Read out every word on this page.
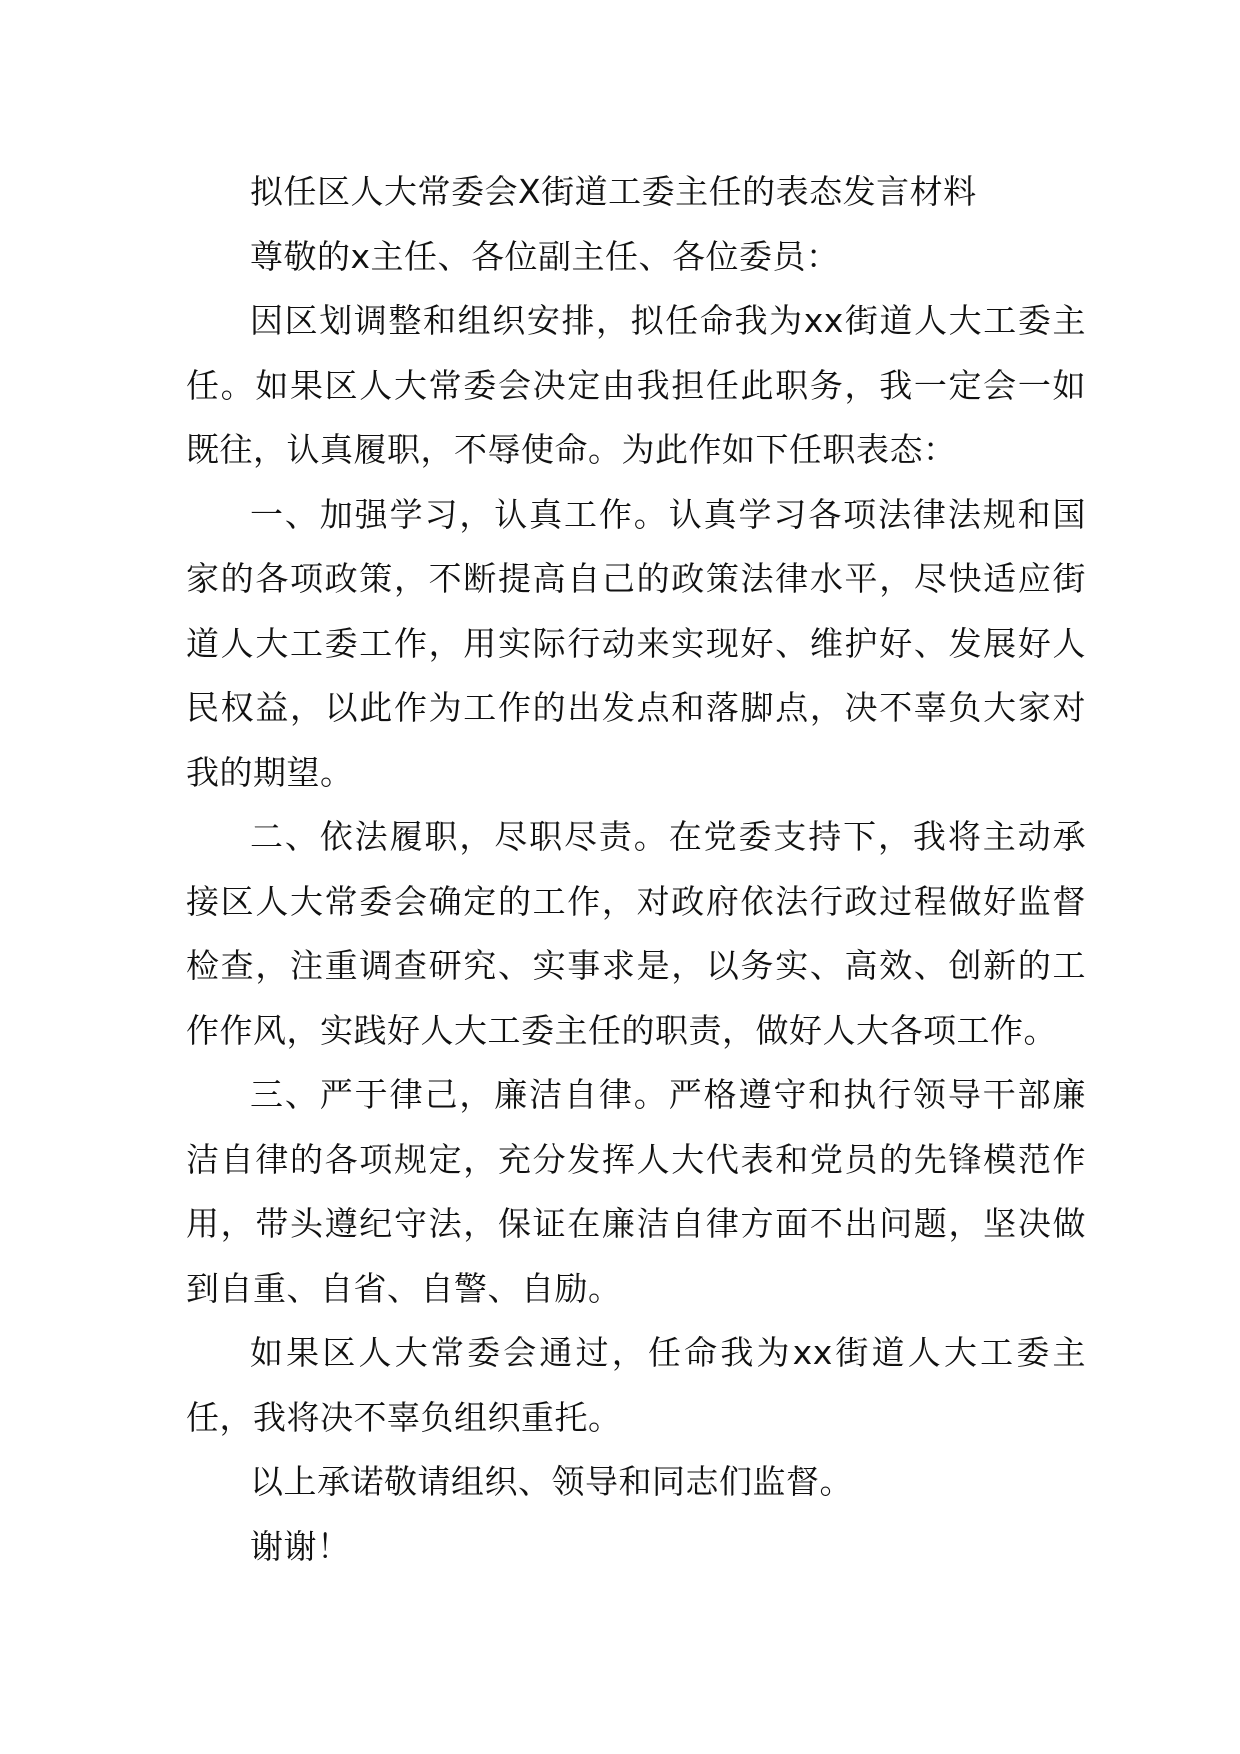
拟任区人大常委会X街道工委主任的表态发言材料

尊敬的x主任、各位副主任、各位委员：

因区划调整和组织安排，拟任命我为xx街道人大工委主任。如果区人大常委会决定由我担任此职务，我一定会一如既往，认真履职，不辱使命。为此作如下任职表态：

一、加强学习，认真工作。认真学习各项法律法规和国家的各项政策，不断提高自己的政策法律水平，尽快适应街道人大工委工作，用实际行动来实现好、维护好、发展好人民权益，以此作为工作的出发点和落脚点，决不辜负大家对我的期望。

二、依法履职，尽职尽责。在党委支持下，我将主动承接区人大常委会确定的工作，对政府依法行政过程做好监督检查，注重调查研究、实事求是，以务实、高效、创新的工作作风，实践好人大工委主任的职责，做好人大各项工作。

三、严于律己，廉洁自律。严格遵守和执行领导干部廉洁自律的各项规定，充分发挥人大代表和党员的先锋模范作用，带头遵纪守法，保证在廉洁自律方面不出问题，坚决做到自重、自省、自警、自励。

如果区人大常委会通过，任命我为xx街道人大工委主任，我将决不辜负组织重托。

以上承诺敬请组织、领导和同志们监督。

谢谢！
